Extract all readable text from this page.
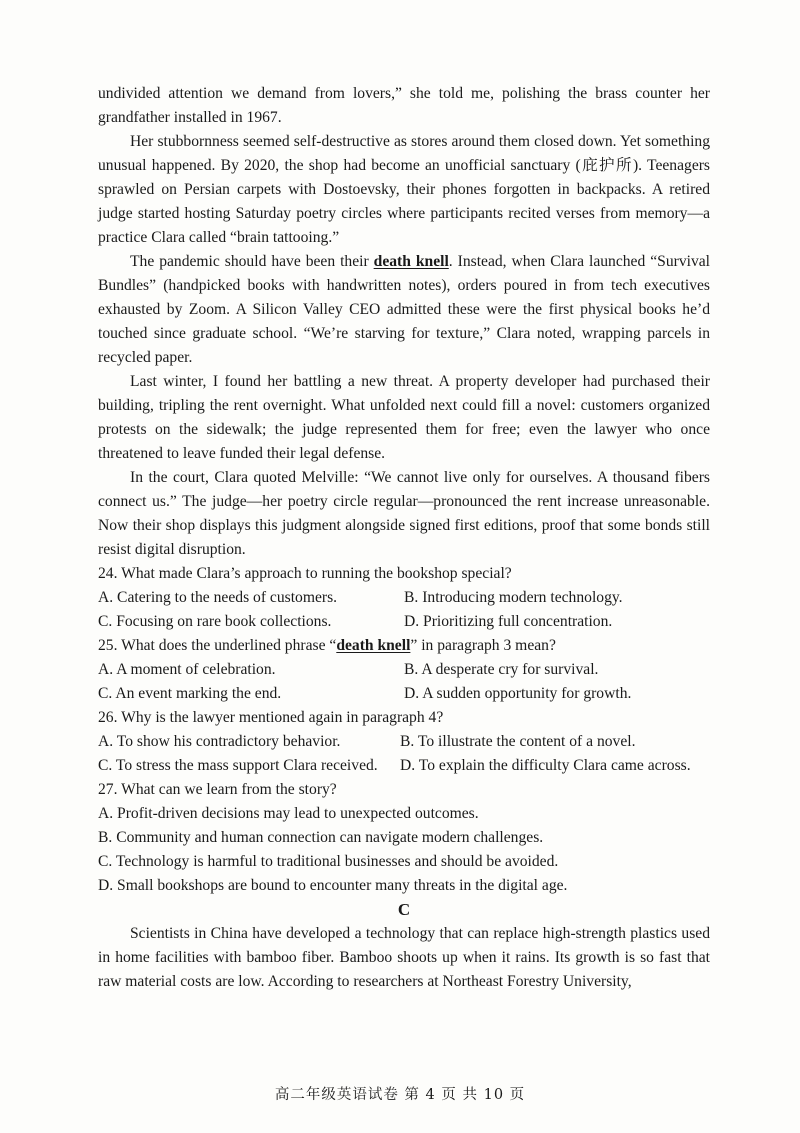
undivided attention we demand from lovers,” she told me, polishing the brass counter her grandfather installed in 1967.

Her stubbornness seemed self-destructive as stores around them closed down. Yet something unusual happened. By 2020, the shop had become an unofficial sanctuary (庇护所). Teenagers sprawled on Persian carpets with Dostoevsky, their phones forgotten in backpacks. A retired judge started hosting Saturday poetry circles where participants recited verses from memory—a practice Clara called “brain tattooing.”

The pandemic should have been their death knell. Instead, when Clara launched “Survival Bundles” (handpicked books with handwritten notes), orders poured in from tech executives exhausted by Zoom. A Silicon Valley CEO admitted these were the first physical books he’d touched since graduate school. “We’re starving for texture,” Clara noted, wrapping parcels in recycled paper.

Last winter, I found her battling a new threat. A property developer had purchased their building, tripling the rent overnight. What unfolded next could fill a novel: customers organized protests on the sidewalk; the judge represented them for free; even the lawyer who once threatened to leave funded their legal defense.

In the court, Clara quoted Melville: “We cannot live only for ourselves. A thousand fibers connect us.” The judge—her poetry circle regular—pronounced the rent increase unreasonable. Now their shop displays this judgment alongside signed first editions, proof that some bonds still resist digital disruption.

24. What made Clara’s approach to running the bookshop special?

A. Catering to the needs of customers.	B. Introducing modern technology.
C. Focusing on rare book collections.	D. Prioritizing full concentration.

25. What does the underlined phrase “death knell” in paragraph 3 mean?

A. A moment of celebration.	B. A desperate cry for survival.
C. An event marking the end.	D. A sudden opportunity for growth.

26. Why is the lawyer mentioned again in paragraph 4?

A. To show his contradictory behavior.	B. To illustrate the content of a novel.
C. To stress the mass support Clara received.	D. To explain the difficulty Clara came across.

27. What can we learn from the story?

A. Profit-driven decisions may lead to unexpected outcomes.

B. Community and human connection can navigate modern challenges.

C. Technology is harmful to traditional businesses and should be avoided.

D. Small bookshops are bound to encounter many threats in the digital age.

C

Scientists in China have developed a technology that can replace high-strength plastics used in home facilities with bamboo fiber. Bamboo shoots up when it rains. Its growth is so fast that raw material costs are low. According to researchers at Northeast Forestry University,

高二年级英语试卷 第 4 页 共 10 页
